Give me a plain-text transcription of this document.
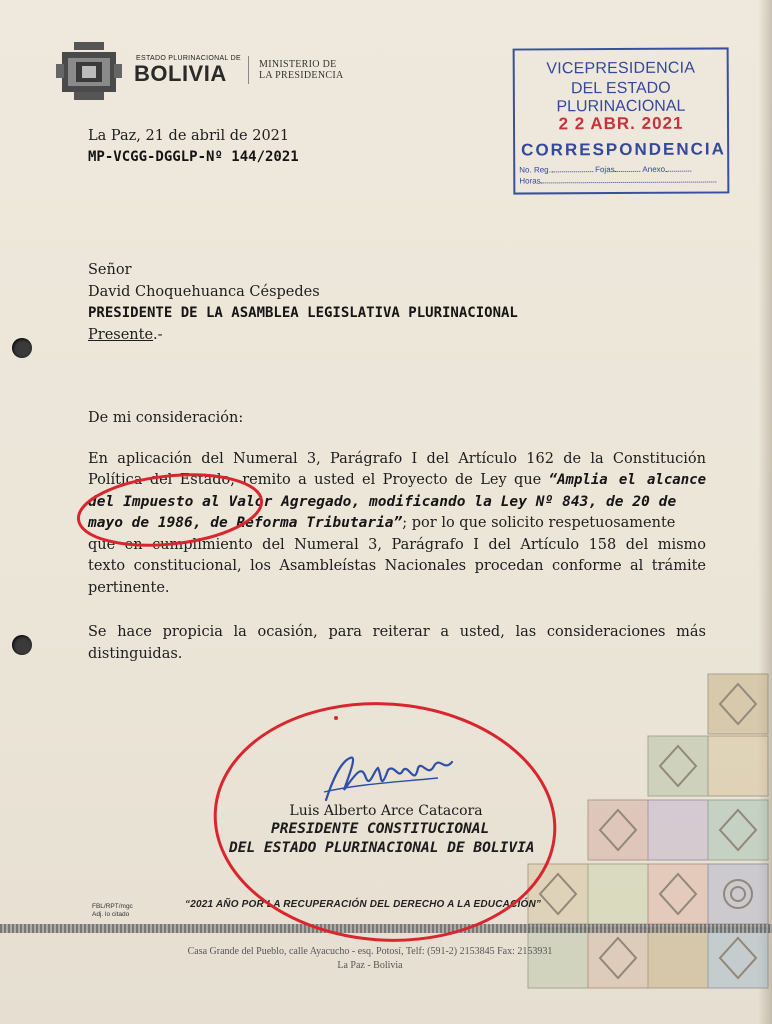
ESTADO PLURINACIONAL DE
BOLIVIA	MINISTERIO DE
LA PRESIDENCIA	VICEPRESIDENCIA
DEL ESTADO PLURINACIONAL
2 2 ABR. 2021
CORRESPONDENCIA
No. Reg.	Fojas	Anexo
Horas
La Paz, 21 de abril de 2021
MP-VCGG-DGGLP-Nº 144/2021
Señor
David Choquehuanca Céspedes
PRESIDENTE DE LA ASAMBLEA LEGISLATIVA PLURINACIONAL
Presente.-
De mi consideración:
En aplicación del Numeral 3, Parágrafo I del Artículo 162 de la Constitución
Política del Estado, remito a usted el Proyecto de Ley que “Amplia el alcance
del Impuesto al Valor Agregado, modificando la Ley Nº 843, de 20 de
mayo de 1986, de Reforma Tributaria”; por lo que solicito respetuosamente
que en cumplimiento del Numeral 3, Parágrafo I del Artículo 158 del mismo
texto constitucional, los Asambleístas Nacionales procedan conforme al trámite
pertinente.
Se hace propicia la ocasión, para reiterar a usted, las consideraciones más
distinguidas.
Luis Alberto Arce Catacora
PRESIDENTE CONSTITUCIONAL
DEL ESTADO PLURINACIONAL DE BOLIVIA
FBL/RPT/mgc
Adj. lo citado
“2021 AÑO POR LA RECUPERACIÓN DEL DERECHO A LA EDUCACIÓN”
Casa Grande del Pueblo, calle Ayacucho - esq. Potosí, Telf: (591-2) 2153845 Fax: 2153931
La Paz - Bolivia
